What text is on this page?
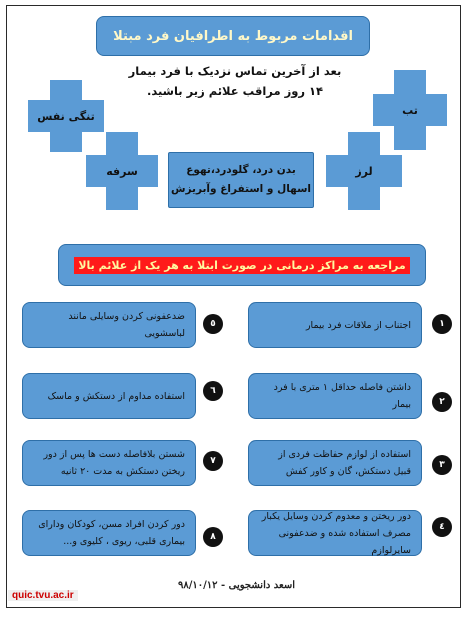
اقدامات مربوط به اطرافیان فرد مبتلا
بعد از آخرین تماس نزدیک با فرد بیمار
۱۴ روز مراقب علائم زیر باشید.
تنگی نفس	تب
سرفه	لرز
بدن درد، گلودرد،تهوع
اسهال و استفراغ وآبریزش
مراجعه به مراکز درمانی در صورت ابتلا به هر یک از علائم بالا
اجتناب از ملاقات فرد بیمار	١
داشتن فاصله حداقل ۱ متری با فرد بیمار	٢
استفاده از لوازم حفاظت فردی از قبیل دستکش، گان و کاور کفش
٣
دور ریختن و معدوم کردن وسایل یکبار مصرف استفاده شده و ضدعفونی سایرلوازم
٤
ضدعفونی کردن وسایلی مانند لباسشویی
٥
استفاده مداوم از دستکش و ماسک	٦
شستن بلافاصله دست ها پس از دور ریختن دستکش به مدت ۲۰ ثانیه
٧
دور کردن افراد مسن، کودکان ودارای بیماری قلبی، ریوی ، کلیوی و...	٨
اسعد دانشجویی - ۹۸/۱۰/۱۲
quic.tvu.ac.ir
